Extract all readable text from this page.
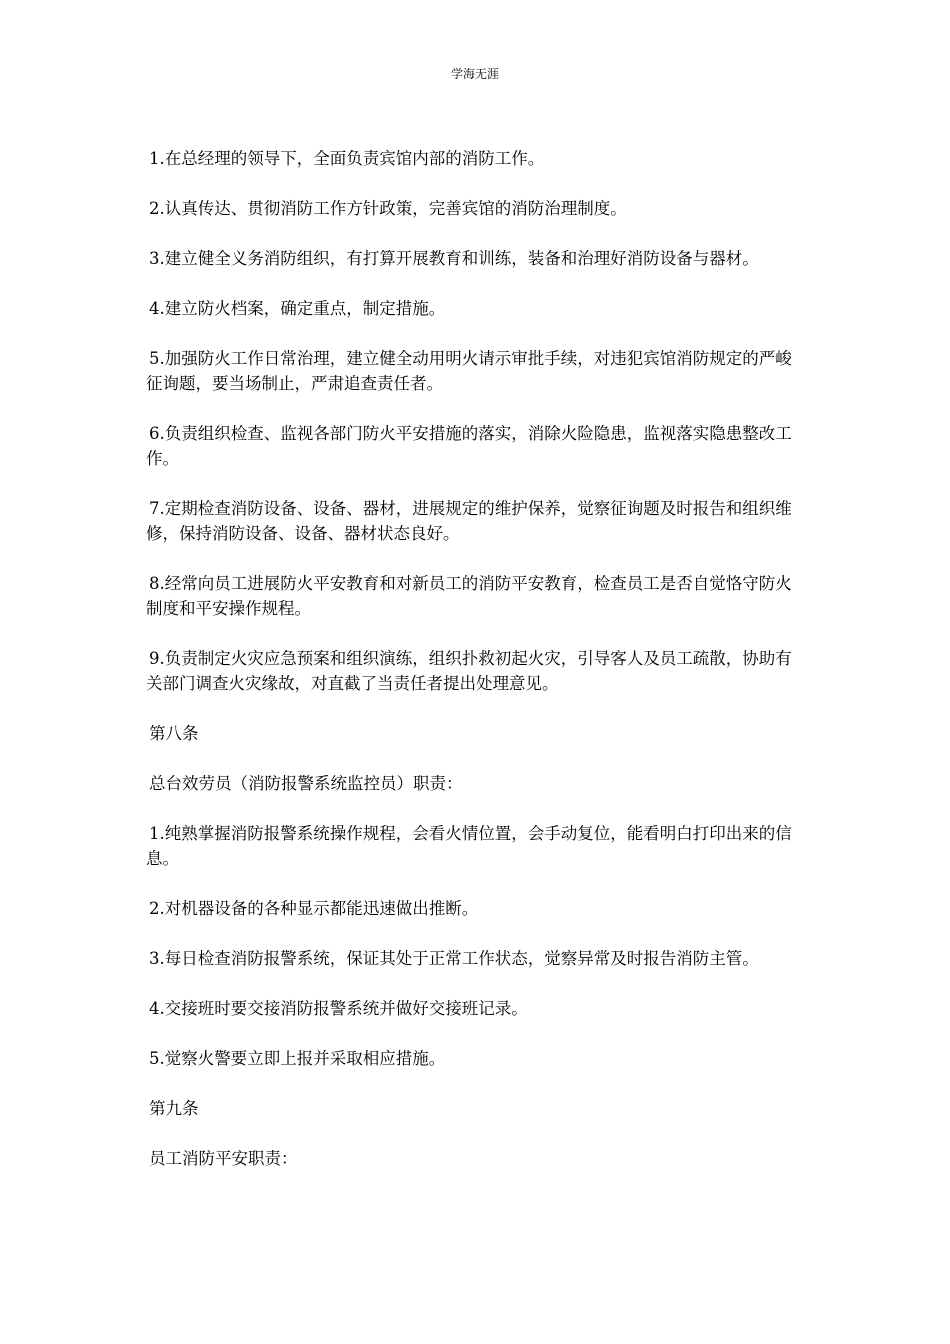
学海无涯

1.在总经理的领导下，全面负责宾馆内部的消防工作。

2.认真传达、贯彻消防工作方针政策，完善宾馆的消防治理制度。

3.建立健全义务消防组织，有打算开展教育和训练，装备和治理好消防设备与器材。

4.建立防火档案，确定重点，制定措施。

5.加强防火工作日常治理，建立健全动用明火请示审批手续，对违犯宾馆消防规定的严峻征询题，要当场制止，严肃追查责任者。

6.负责组织检查、监视各部门防火平安措施的落实，消除火险隐患，监视落实隐患整改工作。

7.定期检查消防设备、设备、器材，进展规定的维护保养，觉察征询题及时报告和组织维修，保持消防设备、设备、器材状态良好。

8.经常向员工进展防火平安教育和对新员工的消防平安教育，检查员工是否自觉恪守防火制度和平安操作规程。

9.负责制定火灾应急预案和组织演练，组织扑救初起火灾，引导客人及员工疏散，协助有关部门调查火灾缘故，对直截了当责任者提出处理意见。

第八条

总台效劳员（消防报警系统监控员）职责：

1.纯熟掌握消防报警系统操作规程，会看火情位置，会手动复位，能看明白打印出来的信息。

2.对机器设备的各种显示都能迅速做出推断。

3.每日检查消防报警系统，保证其处于正常工作状态，觉察异常及时报告消防主管。

4.交接班时要交接消防报警系统并做好交接班记录。

5.觉察火警要立即上报并采取相应措施。

第九条

员工消防平安职责：
